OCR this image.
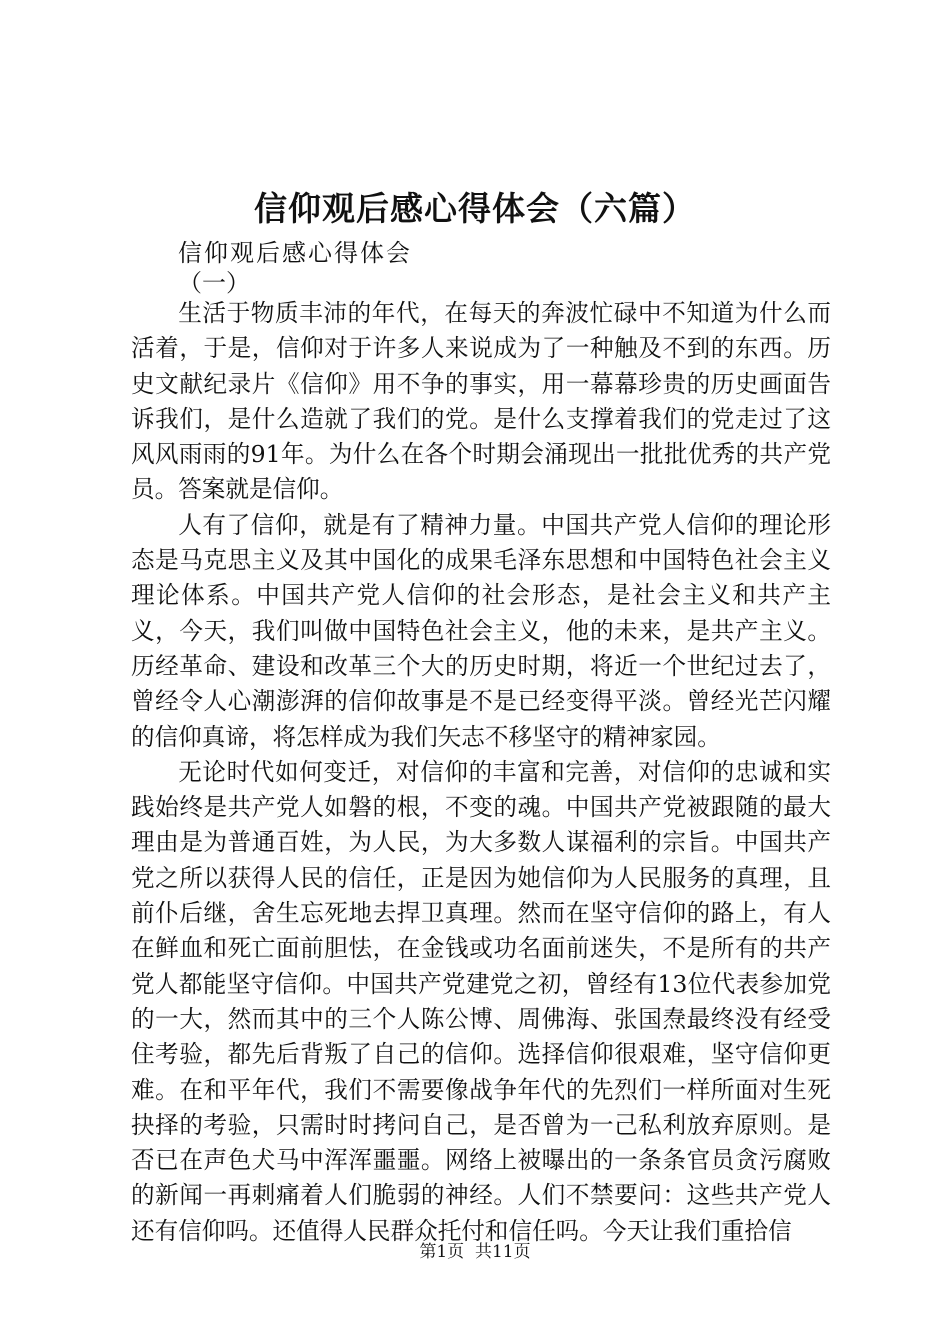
信仰观后感心得体会（六篇）
信仰观后感心得体会
（一）

生活于物质丰沛的年代，在每天的奔波忙碌中不知道为什么而活着，于是，信仰对于许多人来说成为了一种触及不到的东西。历史文献纪录片《信仰》用不争的事实，用一幕幕珍贵的历史画面告诉我们，是什么造就了我们的党。是什么支撑着我们的党走过了这风风雨雨的91年。为什么在各个时期会涌现出一批批优秀的共产党员。答案就是信仰。

人有了信仰，就是有了精神力量。中国共产党人信仰的理论形态是马克思主义及其中国化的成果毛泽东思想和中国特色社会主义理论体系。中国共产党人信仰的社会形态，是社会主义和共产主义，今天，我们叫做中国特色社会主义，他的未来，是共产主义。历经革命、建设和改革三个大的历史时期，将近一个世纪过去了，曾经令人心潮澎湃的信仰故事是不是已经变得平淡。曾经光芒闪耀的信仰真谛，将怎样成为我们矢志不移坚守的精神家园。

无论时代如何变迁，对信仰的丰富和完善，对信仰的忠诚和实践始终是共产党人如磐的根，不变的魂。中国共产党被跟随的最大理由是为普通百姓，为人民，为大多数人谋福利的宗旨。中国共产党之所以获得人民的信任，正是因为她信仰为人民服务的真理，且前仆后继，舍生忘死地去捍卫真理。然而在坚守信仰的路上，有人在鲜血和死亡面前胆怯，在金钱或功名面前迷失，不是所有的共产党人都能坚守信仰。中国共产党建党之初，曾经有13位代表参加党的一大，然而其中的三个人陈公博、周佛海、张国焘最终没有经受住考验，都先后背叛了自己的信仰。选择信仰很艰难，坚守信仰更难。在和平年代，我们不需要像战争年代的先烈们一样所面对生死抉择的考验，只需时时拷问自己，是否曾为一己私利放弃原则。是否已在声色犬马中浑浑噩噩。网络上被曝出的一条条官员贪污腐败的新闻一再刺痛着人们脆弱的神经。人们不禁要问：这些共产党人还有信仰吗。还值得人民群众托付和信任吗。今天让我们重拾信

第1页  共11页
